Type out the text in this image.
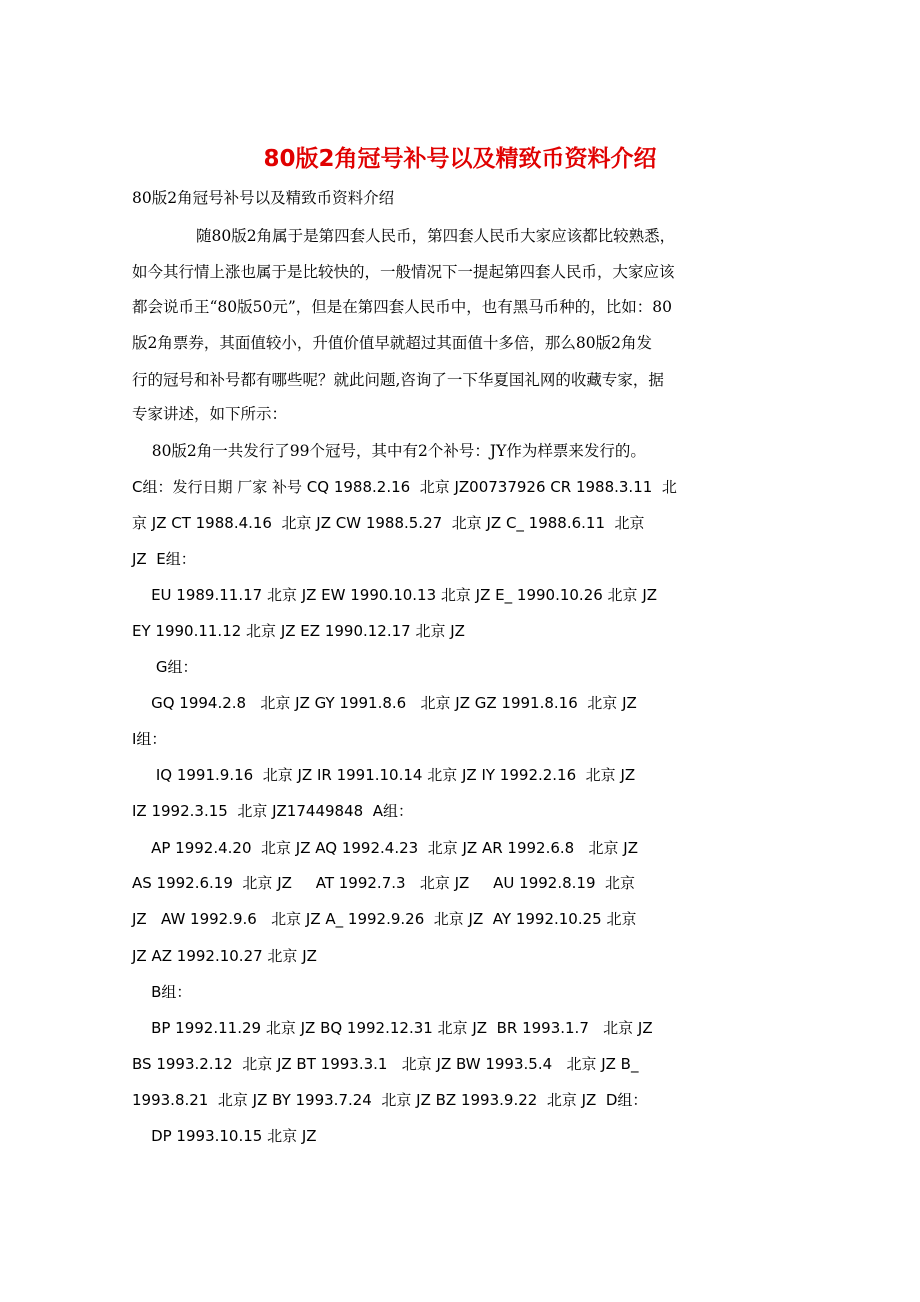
80版2角冠号补号以及精致币资料介绍
80版2角冠号补号以及精致币资料介绍
随80版2角属于是第四套人民币，第四套人民币大家应该都比较熟悉，
如今其行情上涨也属于是比较快的，一般情况下一提起第四套人民币，大家应该
都会说币王“80版50元”，但是在第四套人民币中，也有黑马币种的，比如：80
版2角票券，其面值较小，升值价值早就超过其面值十多倍，那么80版2角发
行的冠号和补号都有哪些呢？就此问题,咨询了一下华夏国礼网的收藏专家，据
专家讲述，如下所示：
80版2角一共发行了99个冠号，其中有2个补号：JY作为样票来发行的。
C组：发行日期 厂家 补号 CQ 1988.2.16  北京 JZ00737926 CR 1988.3.11  北
京 JZ CT 1988.4.16  北京 JZ CW 1988.5.27  北京 JZ C_ 1988.6.11  北京
JZ  E组：
EU 1989.11.17 北京 JZ EW 1990.10.13 北京 JZ E_ 1990.10.26 北京 JZ
EY 1990.11.12 北京 JZ EZ 1990.12.17 北京 JZ
G组：
GQ 1994.2.8   北京 JZ GY 1991.8.6   北京 JZ GZ 1991.8.16  北京 JZ
I组：
IQ 1991.9.16  北京 JZ IR 1991.10.14 北京 JZ IY 1992.2.16  北京 JZ
IZ 1992.3.15  北京 JZ17449848  A组：
AP 1992.4.20  北京 JZ AQ 1992.4.23  北京 JZ AR 1992.6.8   北京 JZ
AS 1992.6.19  北京 JZ     AT 1992.7.3   北京 JZ     AU 1992.8.19  北京
JZ   AW 1992.9.6   北京 JZ A_ 1992.9.26  北京 JZ  AY 1992.10.25 北京
JZ AZ 1992.10.27 北京 JZ
B组：
BP 1992.11.29 北京 JZ BQ 1992.12.31 北京 JZ  BR 1993.1.7   北京 JZ
BS 1993.2.12  北京 JZ BT 1993.3.1   北京 JZ BW 1993.5.4   北京 JZ B_
1993.8.21  北京 JZ BY 1993.7.24  北京 JZ BZ 1993.9.22  北京 JZ  D组：
DP 1993.10.15 北京 JZ
